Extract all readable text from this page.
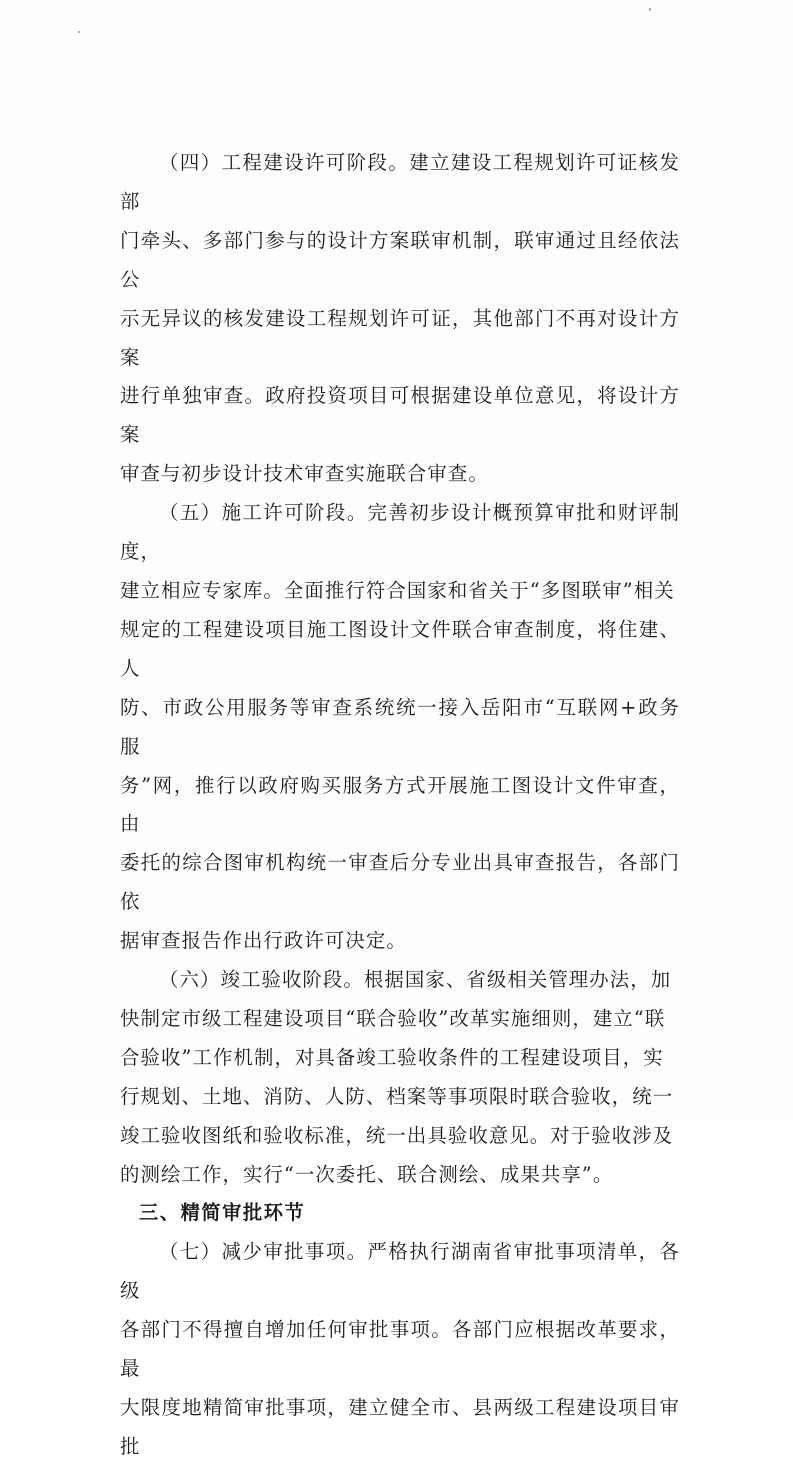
（四）工程建设许可阶段。建立建设工程规划许可证核发部
门牵头、多部门参与的设计方案联审机制，联审通过且经依法公
示无异议的核发建设工程规划许可证，其他部门不再对设计方案
进行单独审查。政府投资项目可根据建设单位意见，将设计方案
审查与初步设计技术审查实施联合审查。

（五）施工许可阶段。完善初步设计概预算审批和财评制度，
建立相应专家库。全面推行符合国家和省关于“多图联审”相关
规定的工程建设项目施工图设计文件联合审查制度，将住建、人
防、市政公用服务等审查系统统一接入岳阳市“互联网+政务服
务”网，推行以政府购买服务方式开展施工图设计文件审查，由
委托的综合图审机构统一审查后分专业出具审查报告，各部门依
据审查报告作出行政许可决定。

（六）竣工验收阶段。根据国家、省级相关管理办法，加
快制定市级工程建设项目“联合验收”改革实施细则，建立“联
合验收”工作机制，对具备竣工验收条件的工程建设项目，实
行规划、土地、消防、人防、档案等事项限时联合验收，统一
竣工验收图纸和验收标准，统一出具验收意见。对于验收涉及
的测绘工作，实行“一次委托、联合测绘、成果共享”。

三、精简审批环节

（七）减少审批事项。严格执行湖南省审批事项清单，各级
各部门不得擅自增加任何审批事项。各部门应根据改革要求，最
大限度地精简审批事项，建立健全市、县两级工程建设项目审批
